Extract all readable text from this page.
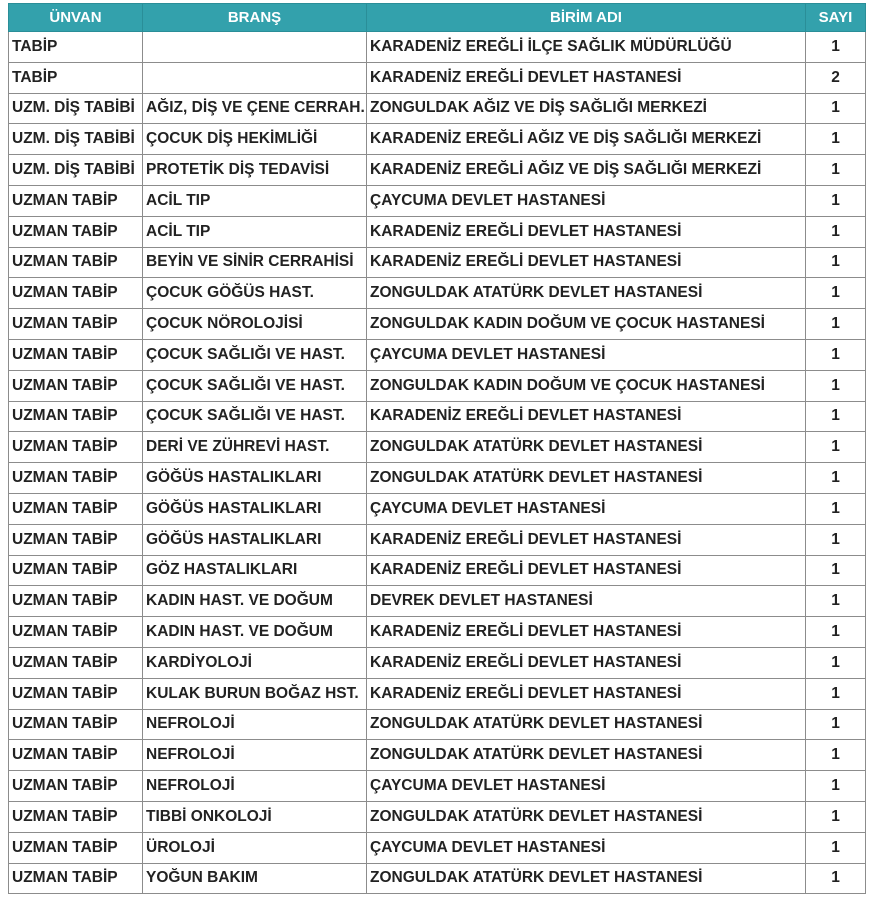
ÜNVAN	BRANŞ	BİRİM ADI	SAYI
TABİP		KARADENİZ EREĞLİ İLÇE SAĞLIK MÜDÜRLÜĞÜ	1
TABİP		KARADENİZ EREĞLİ DEVLET HASTANESİ	2
UZM. DİŞ TABİBİ	AĞIZ, DİŞ VE ÇENE CERRAH.	ZONGULDAK AĞIZ VE DİŞ SAĞLIĞI MERKEZİ	1
UZM. DİŞ TABİBİ	ÇOCUK DİŞ HEKİMLİĞİ	KARADENİZ EREĞLİ AĞIZ VE DİŞ SAĞLIĞI MERKEZİ	1
UZM. DİŞ TABİBİ	PROTETİK DİŞ TEDAVİSİ	KARADENİZ EREĞLİ AĞIZ VE DİŞ SAĞLIĞI MERKEZİ	1
UZMAN TABİP	ACİL TIP	ÇAYCUMA DEVLET HASTANESİ	1
UZMAN TABİP	ACİL TIP	KARADENİZ EREĞLİ DEVLET HASTANESİ	1
UZMAN TABİP	BEYİN VE SİNİR CERRAHİSİ	KARADENİZ EREĞLİ DEVLET HASTANESİ	1
UZMAN TABİP	ÇOCUK GÖĞÜS HAST.	ZONGULDAK ATATÜRK DEVLET HASTANESİ	1
UZMAN TABİP	ÇOCUK NÖROLOJİSİ	ZONGULDAK KADIN DOĞUM VE ÇOCUK HASTANESİ	1
UZMAN TABİP	ÇOCUK SAĞLIĞI VE HAST.	ÇAYCUMA DEVLET HASTANESİ	1
UZMAN TABİP	ÇOCUK SAĞLIĞI VE HAST.	ZONGULDAK KADIN DOĞUM VE ÇOCUK HASTANESİ	1
UZMAN TABİP	ÇOCUK SAĞLIĞI VE HAST.	KARADENİZ EREĞLİ DEVLET HASTANESİ	1
UZMAN TABİP	DERİ VE ZÜHREVİ HAST.	ZONGULDAK ATATÜRK DEVLET HASTANESİ	1
UZMAN TABİP	GÖĞÜS HASTALIKLARI	ZONGULDAK ATATÜRK DEVLET HASTANESİ	1
UZMAN TABİP	GÖĞÜS HASTALIKLARI	ÇAYCUMA DEVLET HASTANESİ	1
UZMAN TABİP	GÖĞÜS HASTALIKLARI	KARADENİZ EREĞLİ DEVLET HASTANESİ	1
UZMAN TABİP	GÖZ HASTALIKLARI	KARADENİZ EREĞLİ DEVLET HASTANESİ	1
UZMAN TABİP	KADIN HAST. VE DOĞUM	DEVREK DEVLET HASTANESİ	1
UZMAN TABİP	KADIN HAST. VE DOĞUM	KARADENİZ EREĞLİ DEVLET HASTANESİ	1
UZMAN TABİP	KARDİYOLOJİ	KARADENİZ EREĞLİ DEVLET HASTANESİ	1
UZMAN TABİP	KULAK BURUN BOĞAZ HST.	KARADENİZ EREĞLİ DEVLET HASTANESİ	1
UZMAN TABİP	NEFROLOJİ	ZONGULDAK ATATÜRK DEVLET HASTANESİ	1
UZMAN TABİP	NEFROLOJİ	ZONGULDAK ATATÜRK DEVLET HASTANESİ	1
UZMAN TABİP	NEFROLOJİ	ÇAYCUMA DEVLET HASTANESİ	1
UZMAN TABİP	TIBBİ ONKOLOJİ	ZONGULDAK ATATÜRK DEVLET HASTANESİ	1
UZMAN TABİP	ÜROLOJİ	ÇAYCUMA DEVLET HASTANESİ	1
UZMAN TABİP	YOĞUN BAKIM	ZONGULDAK ATATÜRK DEVLET HASTANESİ	1
